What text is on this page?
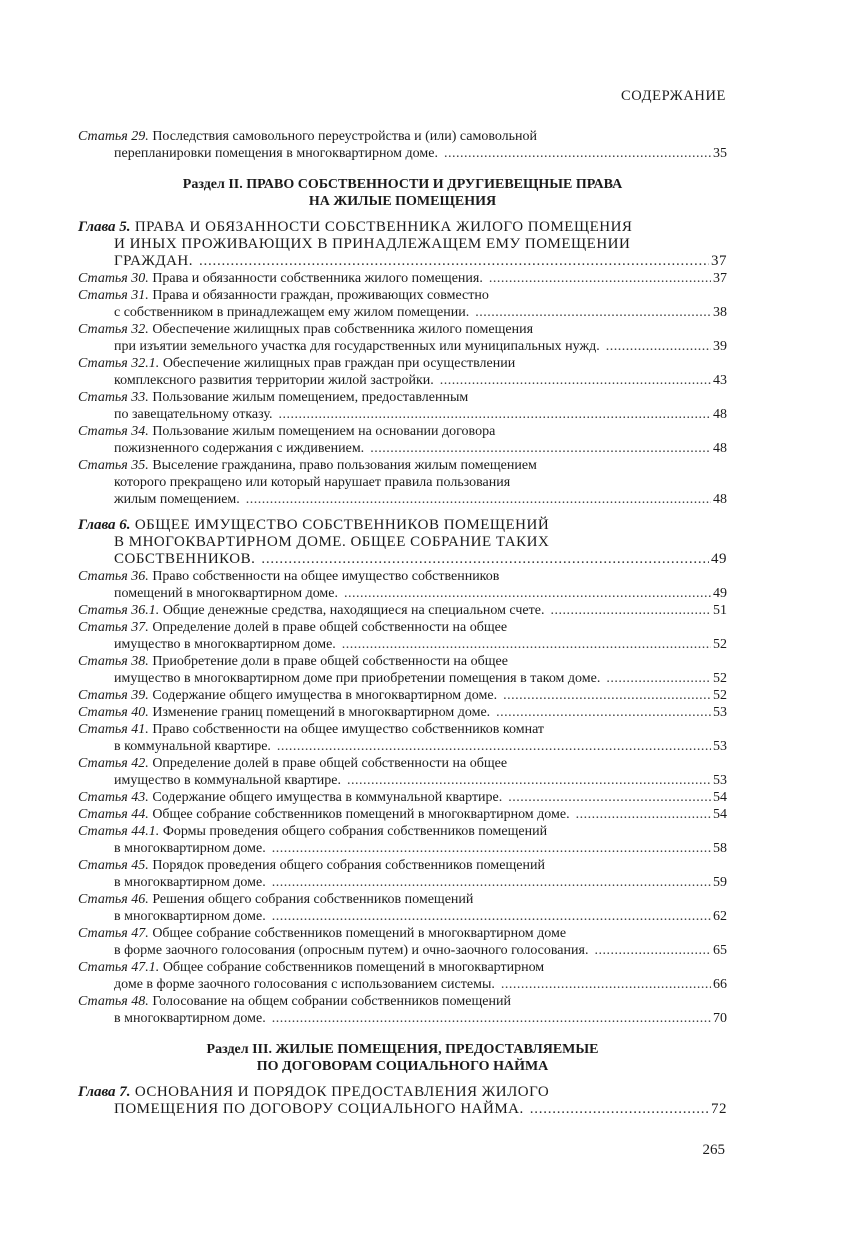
СОДЕРЖАНИЕ
Статья 29. Последствия самовольного переустройства и (или) самовольной
перепланировки помещения в многоквартирном доме. . . .	35
Раздел II. ПРАВО СОБСТВЕННОСТИ И ДРУГИЕВЕЩНЫЕ ПРАВА
НА ЖИЛЫЕ ПОМЕЩЕНИЯ
Глава 5. ПРАВА И ОБЯЗАННОСТИ СОБСТВЕННИКА ЖИЛОГО ПОМЕЩЕНИЯ
И ИНЫХ ПРОЖИВАЮЩИХ В ПРИНАДЛЕЖАЩЕМ ЕМУ ПОМЕЩЕНИИ
ГРАЖДАН. . . .	37
Статья 30. Права и обязанности собственника жилого помещения. . . .	37
Статья 31. Права и обязанности граждан, проживающих совместно
с собственником в принадлежащем ему жилом помещении. . . .	38
Статья 32. Обеспечение жилищных прав собственника жилого помещения
при изъятии земельного участка для государственных или муниципальных нужд. . . .	39
Статья 32.1. Обеспечение жилищных прав граждан при осуществлении
комплексного развития территории жилой застройки. . . .	43
Статья 33. Пользование жилым помещением, предоставленным
по завещательному отказу. . . .	48
Статья 34. Пользование жилым помещением на основании договора
пожизненного содержания с иждивением. . . .	48
Статья 35. Выселение гражданина, право пользования жилым помещением
которого прекращено или который нарушает правила пользования
жилым помещением. . . .	48
Глава 6. ОБЩЕЕ ИМУЩЕСТВО СОБСТВЕННИКОВ ПОМЕЩЕНИЙ
В МНОГОКВАРТИРНОМ ДОМЕ. ОБЩЕЕ СОБРАНИЕ ТАКИХ
СОБСТВЕННИКОВ. . . .	49
Статья 36. Право собственности на общее имущество собственников
помещений в многоквартирном доме. . . .	49
Статья 36.1. Общие денежные средства, находящиеся на специальном счете. . . .	51
Статья 37. Определение долей в праве общей собственности на общее
имущество в многоквартирном доме. . . .	52
Статья 38. Приобретение доли в праве общей собственности на общее
имущество в многоквартирном доме при приобретении помещения в таком доме. . . .	52
Статья 39. Содержание общего имущества в многоквартирном доме. . . .	52
Статья 40. Изменение границ помещений в многоквартирном доме. . . .	53
Статья 41. Право собственности на общее имущество собственников комнат
в коммунальной квартире. . . .	53
Статья 42. Определение долей в праве общей собственности на общее
имущество в коммунальной квартире. . . .	53
Статья 43. Содержание общего имущества в коммунальной квартире. . . .	54
Статья 44. Общее собрание собственников помещений в многоквартирном доме. . . .	54
Статья 44.1. Формы проведения общего собрания собственников помещений
в многоквартирном доме. . . .	58
Статья 45. Порядок проведения общего собрания собственников помещений
в многоквартирном доме. . . .	59
Статья 46. Решения общего собрания собственников помещений
в многоквартирном доме. . . .	62
Статья 47. Общее собрание собственников помещений в многоквартирном доме
в форме заочного голосования (опросным путем) и очно-заочного голосования. . . .	65
Статья 47.1. Общее собрание собственников помещений в многоквартирном
доме в форме заочного голосования с использованием системы. . . .	66
Статья 48. Голосование на общем собрании собственников помещений
в многоквартирном доме. . . .	70
Раздел III. ЖИЛЫЕ ПОМЕЩЕНИЯ, ПРЕДОСТАВЛЯЕМЫЕ
ПО ДОГОВОРАМ СОЦИАЛЬНОГО НАЙМА
Глава 7. ОСНОВАНИЯ И ПОРЯДОК ПРЕДОСТАВЛЕНИЯ ЖИЛОГО
ПОМЕЩЕНИЯ ПО ДОГОВОРУ СОЦИАЛЬНОГО НАЙМА. . . .	72
265
